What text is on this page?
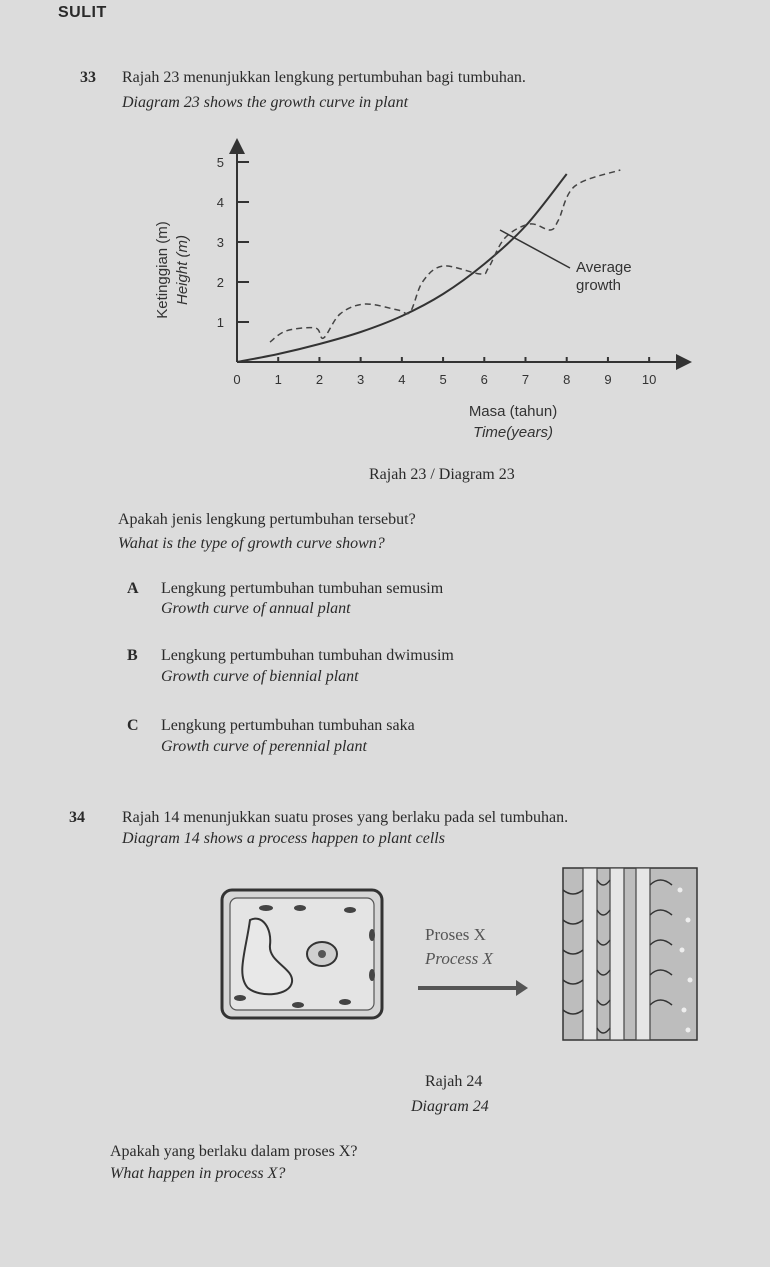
SULIT
33 Rajah 23 menunjukkan lengkung pertumbuhan bagi tumbuhan.
Diagram 23 shows the growth curve in plant
0	1	2	3	4	5	6	7	8	9 10
1
2
3
4
5
Average
growth
Ketinggian (m) Height (m)
Masa (tahun)
Time(years)
Rajah 23 / Diagram 23
Apakah jenis lengkung pertumbuhan tersebut?
Wahat is the type of growth curve shown?
A Lengkung pertumbuhan tumbuhan semusim
Growth curve of annual plant
B Lengkung pertumbuhan tumbuhan dwimusim
Growth curve of biennial plant
C Lengkung pertumbuhan tumbuhan saka
Growth curve of perennial plant
34 Rajah 14 menunjukkan suatu proses yang berlaku pada sel tumbuhan.
Diagram 14 shows a process happen to plant cells
Proses X
Process X
Rajah 24
Diagram 24
Apakah yang berlaku dalam proses X?
What happen in process X?
